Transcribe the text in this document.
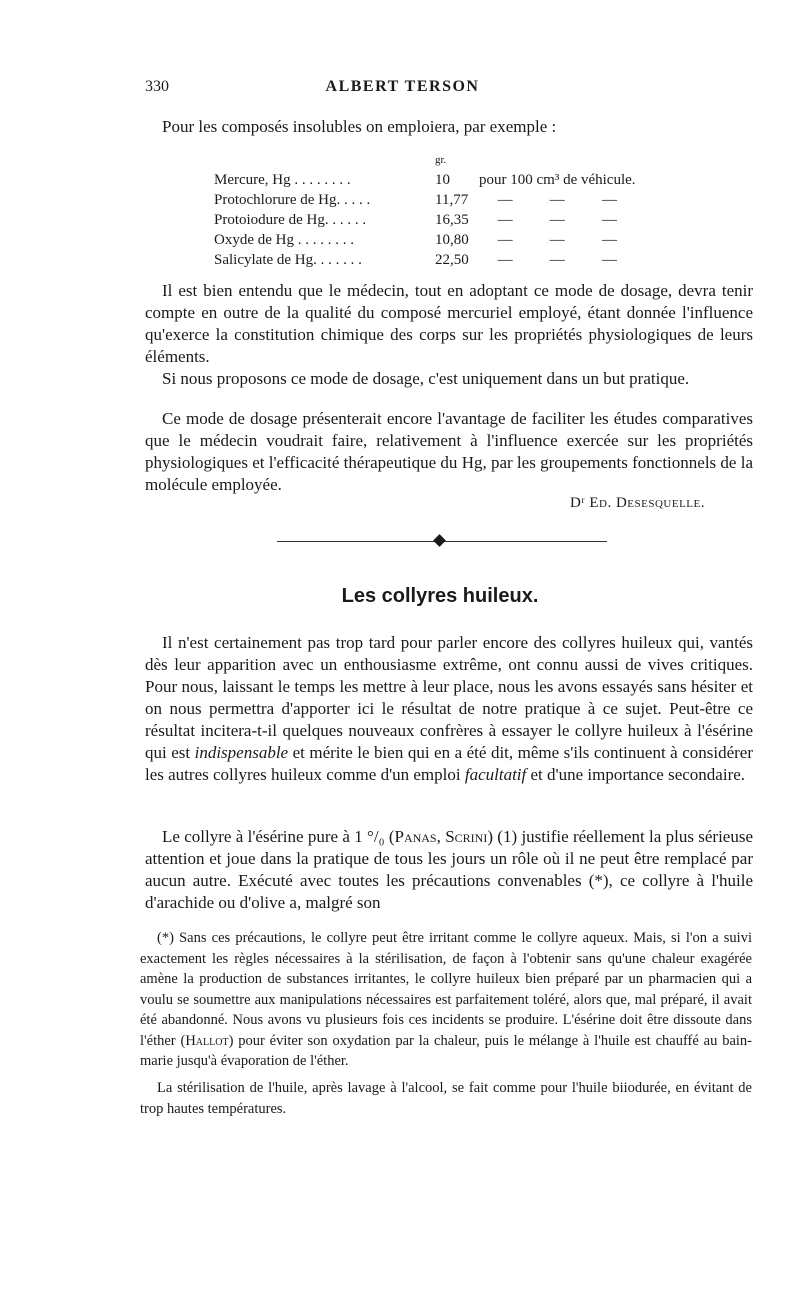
330	ALBERT TERSON
Pour les composés insolubles on emploiera, par exemple :
	gr.			
Mercure, Hg . . . . . . . .	10	pour 100 cm³ de véhicule.		
Protochlorure de Hg. . . . .	11,77	—	—	—
Protoiodure de Hg. . . . . .	16,35	—	—	—
Oxyde de Hg . . . . . . . .	10,80	—	—	—
Salicylate de Hg. . . . . . .	22,50	—	—	—

Il est bien entendu que le médecin, tout en adoptant ce mode de dosage, devra tenir compte en outre de la qualité du composé mercuriel employé, étant donnée l'influence qu'exerce la constitution chimique des corps sur les propriétés physiologiques de leurs éléments.

Si nous proposons ce mode de dosage, c'est uniquement dans un but pratique.

Ce mode de dosage présenterait encore l'avantage de faciliter les études comparatives que le médecin voudrait faire, relativement à l'influence exercée sur les propriétés physiologiques et l'efficacité thérapeutique du Hg, par les groupements fonctionnels de la molécule employée.

Dʳ Ed. Desesquelle.
Les collyres huileux.

Il n'est certainement pas trop tard pour parler encore des collyres huileux qui, vantés dès leur apparition avec un enthousiasme extrême, ont connu aussi de vives critiques. Pour nous, laissant le temps les mettre à leur place, nous les avons essayés sans hésiter et on nous permettra d'apporter ici le résultat de notre pratique à ce sujet. Peut-être ce résultat incitera-t-il quelques nouveaux confrères à essayer le collyre huileux à l'ésérine qui est indispensable et mérite le bien qui en a été dit, même s'ils continuent à considérer les autres collyres huileux comme d'un emploi facultatif et d'une importance secondaire.

Le collyre à l'ésérine pure à 1 °/₀ (Panas, Scrini) (1) justifie réellement la plus sérieuse attention et joue dans la pratique de tous les jours un rôle où il ne peut être remplacé par aucun autre. Exécuté avec toutes les précautions convenables (*), ce collyre à l'huile d'arachide ou d'olive a, malgré son

(*) Sans ces précautions, le collyre peut être irritant comme le collyre aqueux. Mais, si l'on a suivi exactement les règles nécessaires à la stérilisation, de façon à l'obtenir sans qu'une chaleur exagérée amène la production de substances irritantes, le collyre huileux bien préparé par un pharmacien qui a voulu se soumettre aux manipulations nécessaires est parfaitement toléré, alors que, mal préparé, il avait été abandonné. Nous avons vu plusieurs fois ces incidents se produire. L'ésérine doit être dissoute dans l'éther (Hallot) pour éviter son oxydation par la chaleur, puis le mélange à l'huile est chauffé au bain-marie jusqu'à évaporation de l'éther.

La stérilisation de l'huile, après lavage à l'alcool, se fait comme pour l'huile biiodurée, en évitant de trop hautes températures.
